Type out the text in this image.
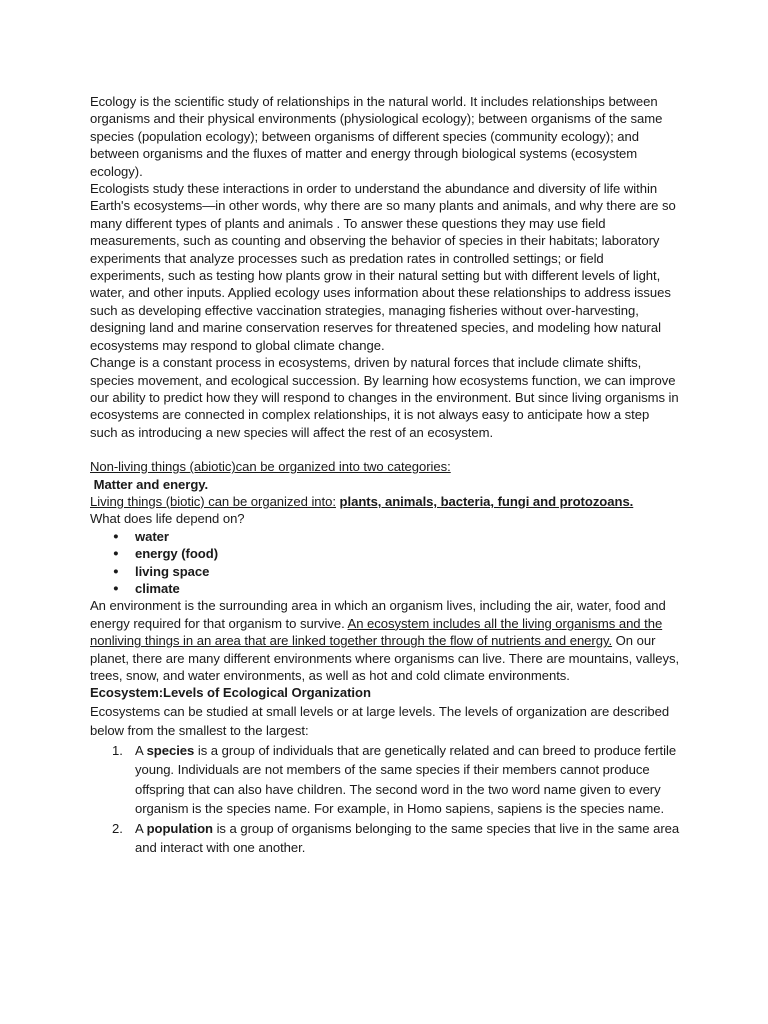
Ecology is the scientific study of relationships in the natural world. It includes relationships between organisms and their physical environments (physiological ecology); between organisms of the same species (population ecology); between organisms of different species (community ecology); and between organisms and the fluxes of matter and energy through biological systems (ecosystem ecology).

Ecologists study these interactions in order to understand the abundance and diversity of life within Earth's ecosystems—in other words, why there are so many plants and animals, and why there are so many different types of plants and animals . To answer these questions they may use field measurements, such as counting and observing the behavior of species in their habitats; laboratory experiments that analyze processes such as predation rates in controlled settings; or field experiments, such as testing how plants grow in their natural setting but with different levels of light, water, and other inputs. Applied ecology uses information about these relationships to address issues such as developing effective vaccination strategies, managing fisheries without over-harvesting, designing land and marine conservation reserves for threatened species, and modeling how natural ecosystems may respond to global climate change.

Change is a constant process in ecosystems, driven by natural forces that include climate shifts, species movement, and ecological succession. By learning how ecosystems function, we can improve our ability to predict how they will respond to changes in the environment. But since living organisms in ecosystems are connected in complex relationships, it is not always easy to anticipate how a step such as introducing a new species will affect the rest of an ecosystem.

Non-living things (abiotic)can be organized into two categories:

Matter and energy.

Living things (biotic) can be organized into: plants, animals, bacteria, fungi and protozoans.

What does life depend on?

● water
● energy (food)
● living space
● climate

An environment is the surrounding area in which an organism lives, including the air, water, food and energy required for that organism to survive. An ecosystem includes all the living organisms and the nonliving things in an area that are linked together through the flow of nutrients and energy. On our planet, there are many different environments where organisms can live. There are mountains, valleys, trees, snow, and water environments, as well as hot and cold climate environments.

Ecosystem:Levels of Ecological Organization

Ecosystems can be studied at small levels or at large levels. The levels of organization are described below from the smallest to the largest:

1. A species is a group of individuals that are genetically related and can breed to produce fertile young. Individuals are not members of the same species if their members cannot produce offspring that can also have children. The second word in the two word name given to every organism is the species name. For example, in Homo sapiens, sapiens is the species name.
2. A population is a group of organisms belonging to the same species that live in the same area and interact with one another.
